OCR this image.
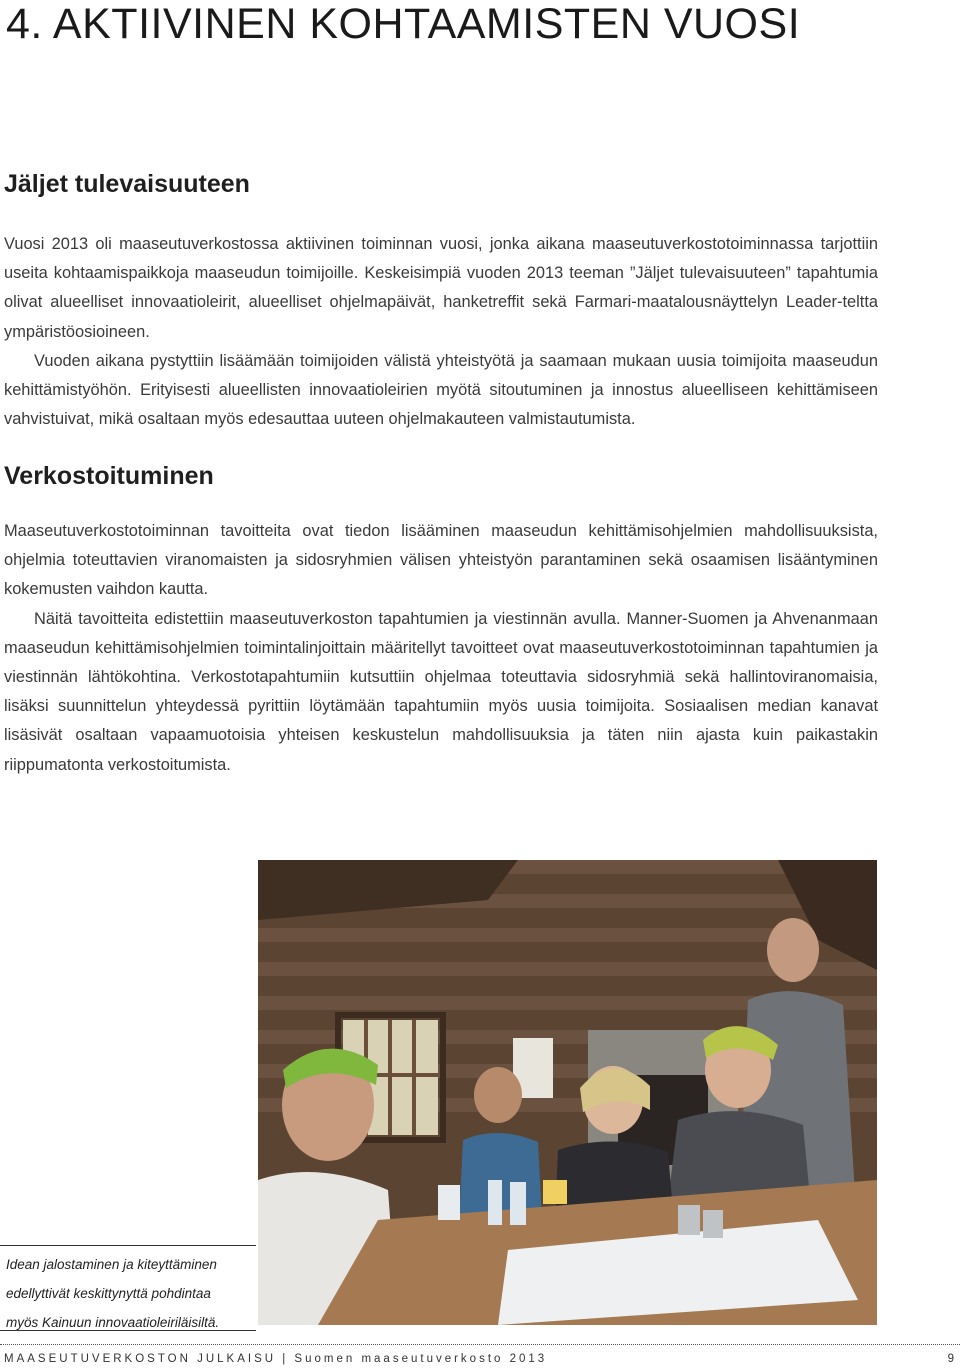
4. AKTIIVINEN KOHTAAMISTEN VUOSI
Jäljet tulevaisuuteen
Vuosi 2013 oli maaseutuverkostossa aktiivinen toiminnan vuosi, jonka aikana maaseutuverkostotoiminnassa tarjottiin useita kohtaamispaikkoja maaseudun toimijoille. Keskeisimpiä vuoden 2013 teeman ”Jäljet tulevaisuuteen” tapahtumia olivat alueelliset innovaatioleirit, alueelliset ohjelmapäivät, hanketreffit sekä Farmari-maatalousnäyttelyn Leader-teltta ympäristöosioineen.
Vuoden aikana pystyttiin lisäämään toimijoiden välistä yhteistyötä ja saamaan mukaan uusia toimijoita maaseudun kehittämistyöhön. Erityisesti alueellisten innovaatioleirien myötä sitoutuminen ja innostus alueelliseen kehittämiseen vahvistuivat, mikä osaltaan myös edesauttaa uuteen ohjelmakauteen valmistautumista.
Verkostoituminen
Maaseutuverkostotoiminnan tavoitteita ovat tiedon lisääminen maaseudun kehittämisohjelmien mahdollisuuksista, ohjelmia toteuttavien viranomaisten ja sidosryhmien välisen yhteistyön parantaminen sekä osaamisen lisääntyminen kokemusten vaihdon kautta.
Näitä tavoitteita edistettiin maaseutuverkoston tapahtumien ja viestinnän avulla. Manner-Suomen ja Ahvenanmaan maaseudun kehittämisohjelmien toimintalinjoittain määritellyt tavoitteet ovat maaseutuverkostotoiminnan tapahtumien ja viestinnän lähtökohtina. Verkostotapahtumiin kutsuttiin ohjelmaa toteuttavia sidosryhmiä sekä hallintoviranomaisia, lisäksi suunnittelun yhteydessä pyrittiin löytämään tapahtumiin myös uusia toimijoita. Sosiaalisen median kanavat lisäsivät osaltaan vapaamuotoisia yhteisen keskustelun mahdollisuuksia ja täten niin ajasta kuin paikastakin riippumatonta verkostoitumista.

Idean jalostaminen ja kiteyttäminen
edellyttivät keskittynyttä pohdintaa
myös Kainuun innovaatioleiriläisiltä.

MAASEUTUVERKOSTON JULKAISU | Suomen maaseutuverkosto 2013	9
